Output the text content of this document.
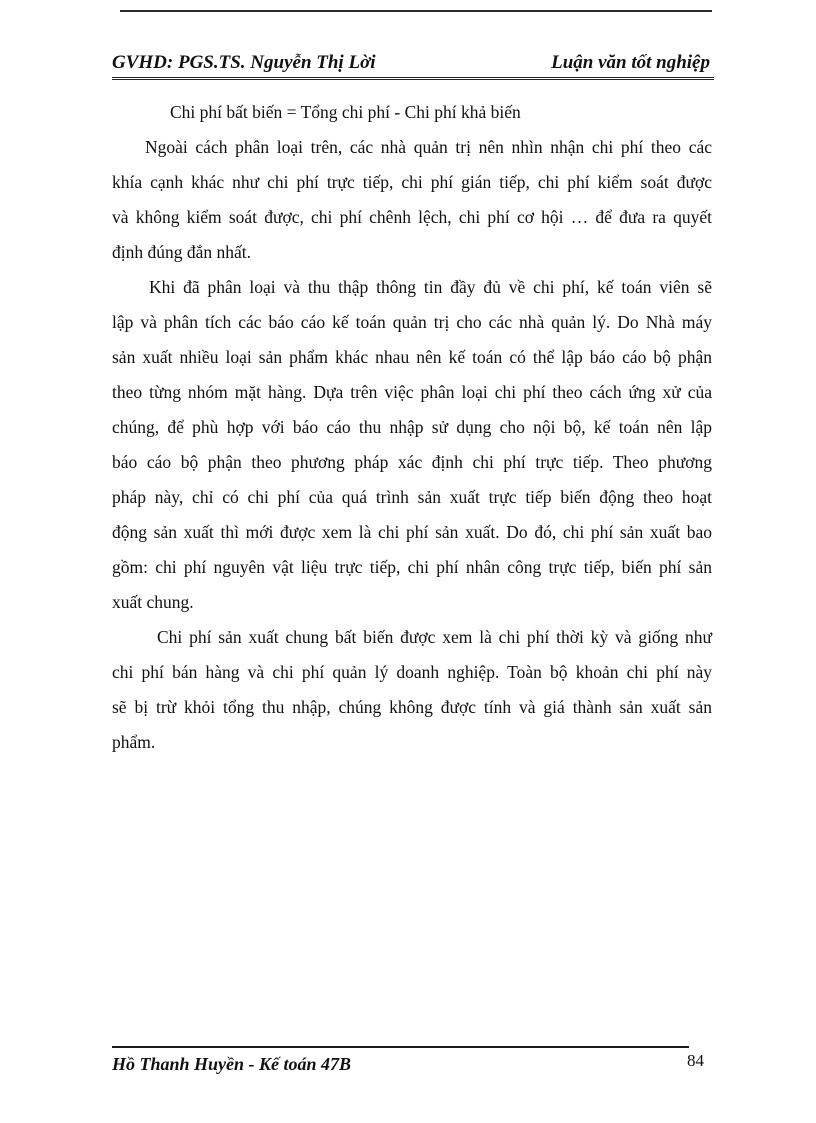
GVHD: PGS.TS. Nguyễn Thị Lời	Luận văn tốt nghiệp
Chi phí bất biến = Tổng chi phí - Chi phí khả biến
Ngoài cách phân loại trên, các nhà quản trị nên nhìn nhận chi phí theo các
khía cạnh khác như chi phí trực tiếp, chi phí gián tiếp, chi phí kiểm soát được
và không kiểm soát được, chi phí chênh lệch, chi phí cơ hội … để đưa ra quyết
định đúng đắn nhất.
Khi đã phân loại và thu thập thông tin đầy đủ về chi phí, kế toán viên sẽ
lập và phân tích các báo cáo kế toán quản trị cho các nhà quản lý. Do Nhà máy
sản xuất nhiều loại sản phẩm khác nhau nên kế toán có thể lập báo cáo bộ phận
theo từng nhóm mặt hàng. Dựa trên việc phân loại chi phí theo cách ứng xử của
chúng, để phù hợp với báo cáo thu nhập sử dụng cho nội bộ, kế toán nên lập
báo cáo bộ phận theo phương pháp xác định chi phí trực tiếp. Theo phương
pháp này, chỉ có chi phí của quá trình sản xuất trực tiếp biến động theo hoạt
động sản xuất thì mới được xem là chi phí sản xuất. Do đó, chi phí sản xuất bao
gồm: chi phí nguyên vật liệu trực tiếp, chi phí nhân công trực tiếp, biến phí sản
xuất chung.
Chi phí sản xuất chung bất biến được xem là chi phí thời kỳ và giống như
chi phí bán hàng và chi phí quản lý doanh nghiệp. Toàn bộ khoản chi phí này
sẽ bị trừ khỏi tổng thu nhập, chúng không được tính và giá thành sản xuất sản
phẩm.
Hồ Thanh Huyền - Kế toán 47B	84
